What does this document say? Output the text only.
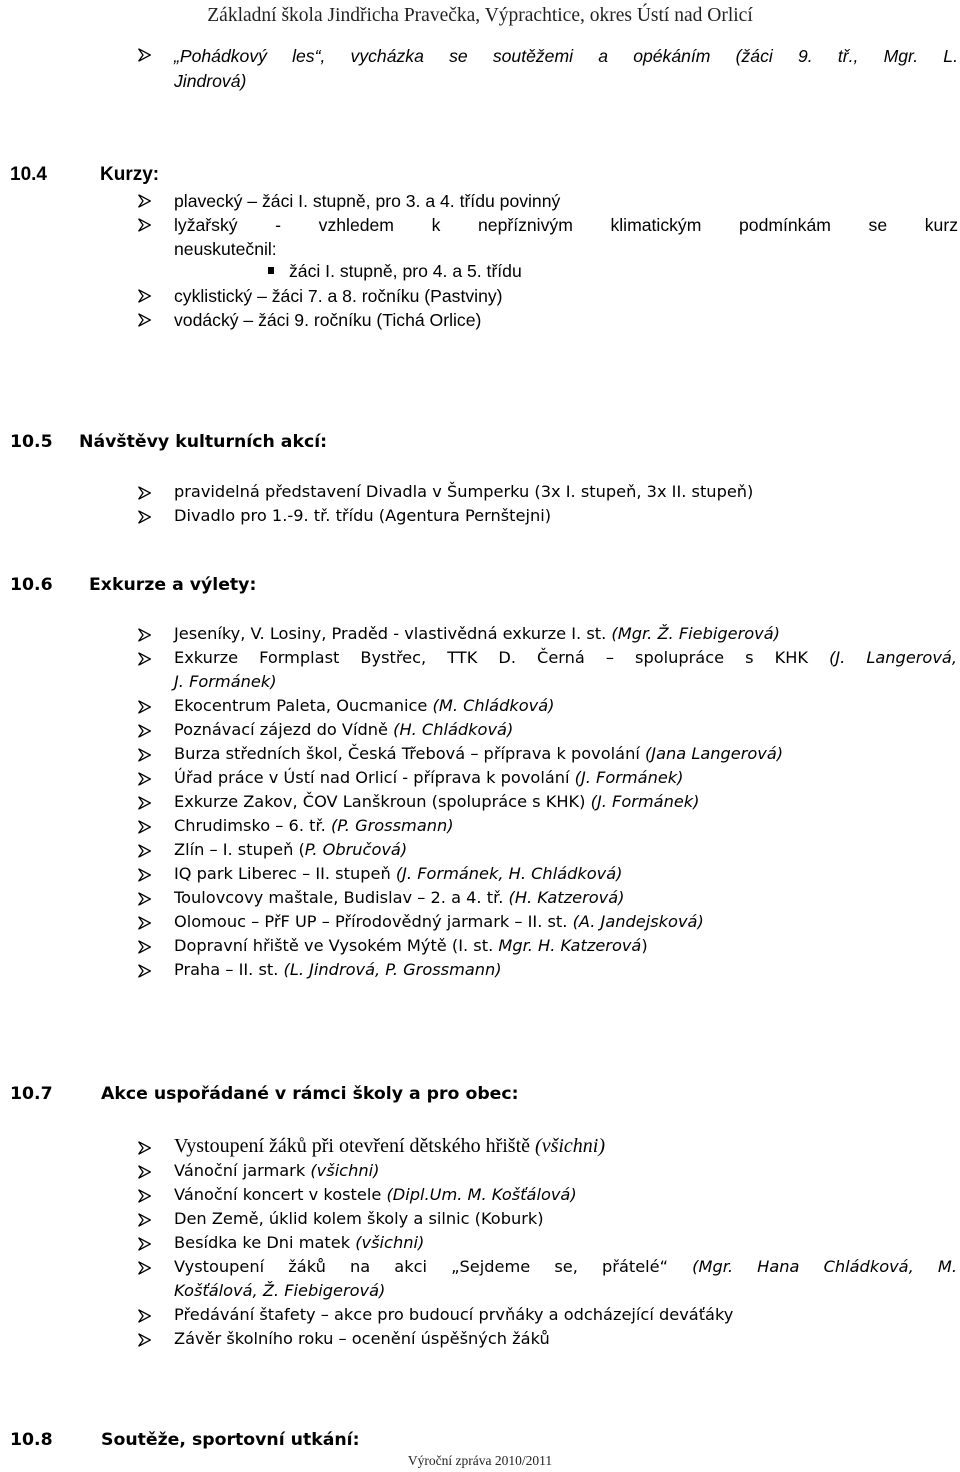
Základní škola Jindřicha Pravečka, Výprachtice, okres Ústí nad Orlicí
„Pohádkový les“, vycházka se soutěžemi a opékáním (žáci 9. tř., Mgr. L.
Jindrová)
10.4	Kurzy:
plavecký – žáci I. stupně, pro 3. a 4. třídu povinný
lyžařský - vzhledem k nepříznivým klimatickým podmínkám se kurz
neuskutečnil:
žáci I. stupně, pro 4. a 5. třídu
cyklistický – žáci 7. a 8. ročníku (Pastviny)
vodácký – žáci 9. ročníku (Tichá Orlice)
10.5 Návštěvy kulturních akcí:
pravidelná představení Divadla v Šumperku (3x I. stupeň, 3x II. stupeň)
Divadlo pro 1.-9. tř. třídu (Agentura Pernštejni)
10.6 Exkurze a výlety:
Jeseníky, V. Losiny, Praděd - vlastivědná exkurze I. st. (Mgr. Ž. Fiebigerová)
Exkurze Formplast Bystřec, TTK D. Černá – spolupráce s KHK (J. Langerová,
J. Formánek)
Ekocentrum Paleta, Oucmanice (M. Chládková)
Poznávací zájezd do Vídně (H. Chládková)
Burza středních škol, Česká Třebová – příprava k povolání (Jana Langerová)
Úřad práce v Ústí nad Orlicí - příprava k povolání (J. Formánek)
Exkurze Zakov, ČOV Lanškroun (spolupráce s KHK) (J. Formánek)
Chrudimsko – 6. tř. (P. Grossmann)
Zlín – I. stupeň (P. Obručová)
IQ park Liberec – II. stupeň (J. Formánek, H. Chládková)
Toulovcovy maštale, Budislav – 2. a 4. tř. (H. Katzerová)
Olomouc – PřF UP – Přírodovědný jarmark – II. st. (A. Jandejsková)
Dopravní hřiště ve Vysokém Mýtě (I. st. Mgr. H. Katzerová)
Praha – II. st. (L. Jindrová, P. Grossmann)
10.7	Akce uspořádané v rámci školy a pro obec:
Vystoupení žáků při otevření dětského hřiště (všichni)
Vánoční jarmark (všichni)
Vánoční koncert v kostele (Dipl.Um. M. Košťálová)
Den Země, úklid kolem školy a silnic (Koburk)
Besídka ke Dni matek (všichni)
Vystoupení žáků na akci „Sejdeme se, přátelé“ (Mgr. Hana Chládková, M.
Košťálová, Ž. Fiebigerová)
Předávání štafety – akce pro budoucí prvňáky a odcházející deváťáky
Závěr školního roku – ocenění úspěšných žáků
10.8	Soutěže, sportovní utkání:
Výroční zpráva 2010/2011
